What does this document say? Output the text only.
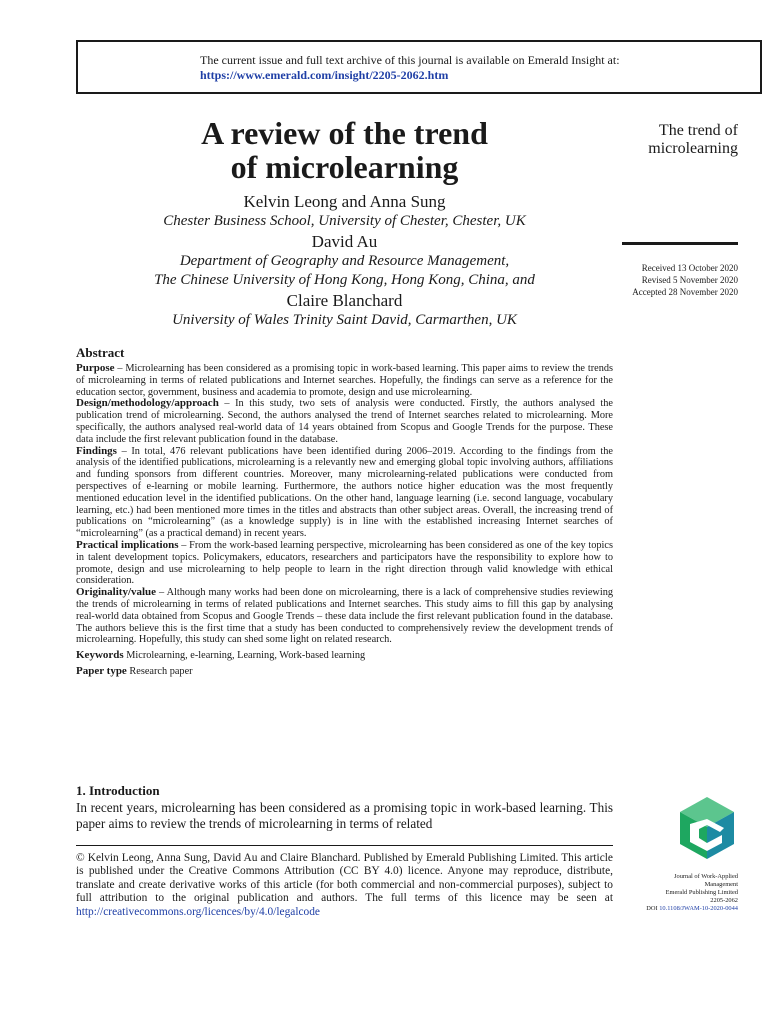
The current issue and full text archive of this journal is available on Emerald Insight at:
https://www.emerald.com/insight/2205-2062.htm
A review of the trend
of microlearning
Kelvin Leong and Anna Sung
Chester Business School, University of Chester, Chester, UK
David Au
Department of Geography and Resource Management,
The Chinese University of Hong Kong, Hong Kong, China, and
Claire Blanchard
University of Wales Trinity Saint David, Carmarthen, UK
The trend of
microlearning
Received 13 October 2020
Revised 5 November 2020
Accepted 28 November 2020
Abstract

Purpose – Microlearning has been considered as a promising topic in work-based learning. This paper aims to review the trends of microlearning in terms of related publications and Internet searches. Hopefully, the findings can serve as a reference for the education sector, government, business and academia to promote, design and use microlearning.

Design/methodology/approach – In this study, two sets of analysis were conducted. Firstly, the authors analysed the publication trend of microlearning. Second, the authors analysed the trend of Internet searches related to microlearning. More specifically, the authors analysed real-world data of 14 years obtained from Scopus and Google Trends for the purpose. These data include the first relevant publication found in the database.

Findings – In total, 476 relevant publications have been identified during 2006–2019. According to the findings from the analysis of the identified publications, microlearning is a relevantly new and emerging global topic involving authors, affiliations and funding sponsors from different countries. Moreover, many microlearning-related publications were conducted from perspectives of e-learning or mobile learning. Furthermore, the authors notice higher education was the most frequently mentioned education level in the identified publications. On the other hand, language learning (i.e. second language, vocabulary learning, etc.) had been mentioned more times in the titles and abstracts than other subject areas. Overall, the increasing trend of publications on “microlearning” (as a knowledge supply) is in line with the established increasing Internet searches of “microlearning” (as a practical demand) in recent years.

Practical implications – From the work-based learning perspective, microlearning has been considered as one of the key topics in talent development topics. Policymakers, educators, researchers and participators have the responsibility to explore how to promote, design and use microlearning to help people to learn in the right direction through valid knowledge with ethical consideration.

Originality/value – Although many works had been done on microlearning, there is a lack of comprehensive studies reviewing the trends of microlearning in terms of related publications and Internet searches. This study aims to fill this gap by analysing real-world data obtained from Scopus and Google Trends – these data include the first relevant publication found in the database. The authors believe this is the first time that a study has been conducted to comprehensively review the development trends of microlearning. Hopefully, this study can shed some light on related research.

Keywords Microlearning, e-learning, Learning, Work-based learning

Paper type Research paper

1. Introduction

In recent years, microlearning has been considered as a promising topic in work-based learning. This paper aims to review the trends of microlearning in terms of related

© Kelvin Leong, Anna Sung, David Au and Claire Blanchard. Published by Emerald Publishing Limited. This article is published under the Creative Commons Attribution (CC BY 4.0) licence. Anyone may reproduce, distribute, translate and create derivative works of this article (for both commercial and non-commercial purposes), subject to full attribution to the original publication and authors. The full terms of this licence may be seen at http://creativecommons.org/licences/by/4.0/legalcode

Journal of Work-Applied
Management
Emerald Publishing Limited
2205-2062
DOI 10.1108/JWAM-10-2020-0044
